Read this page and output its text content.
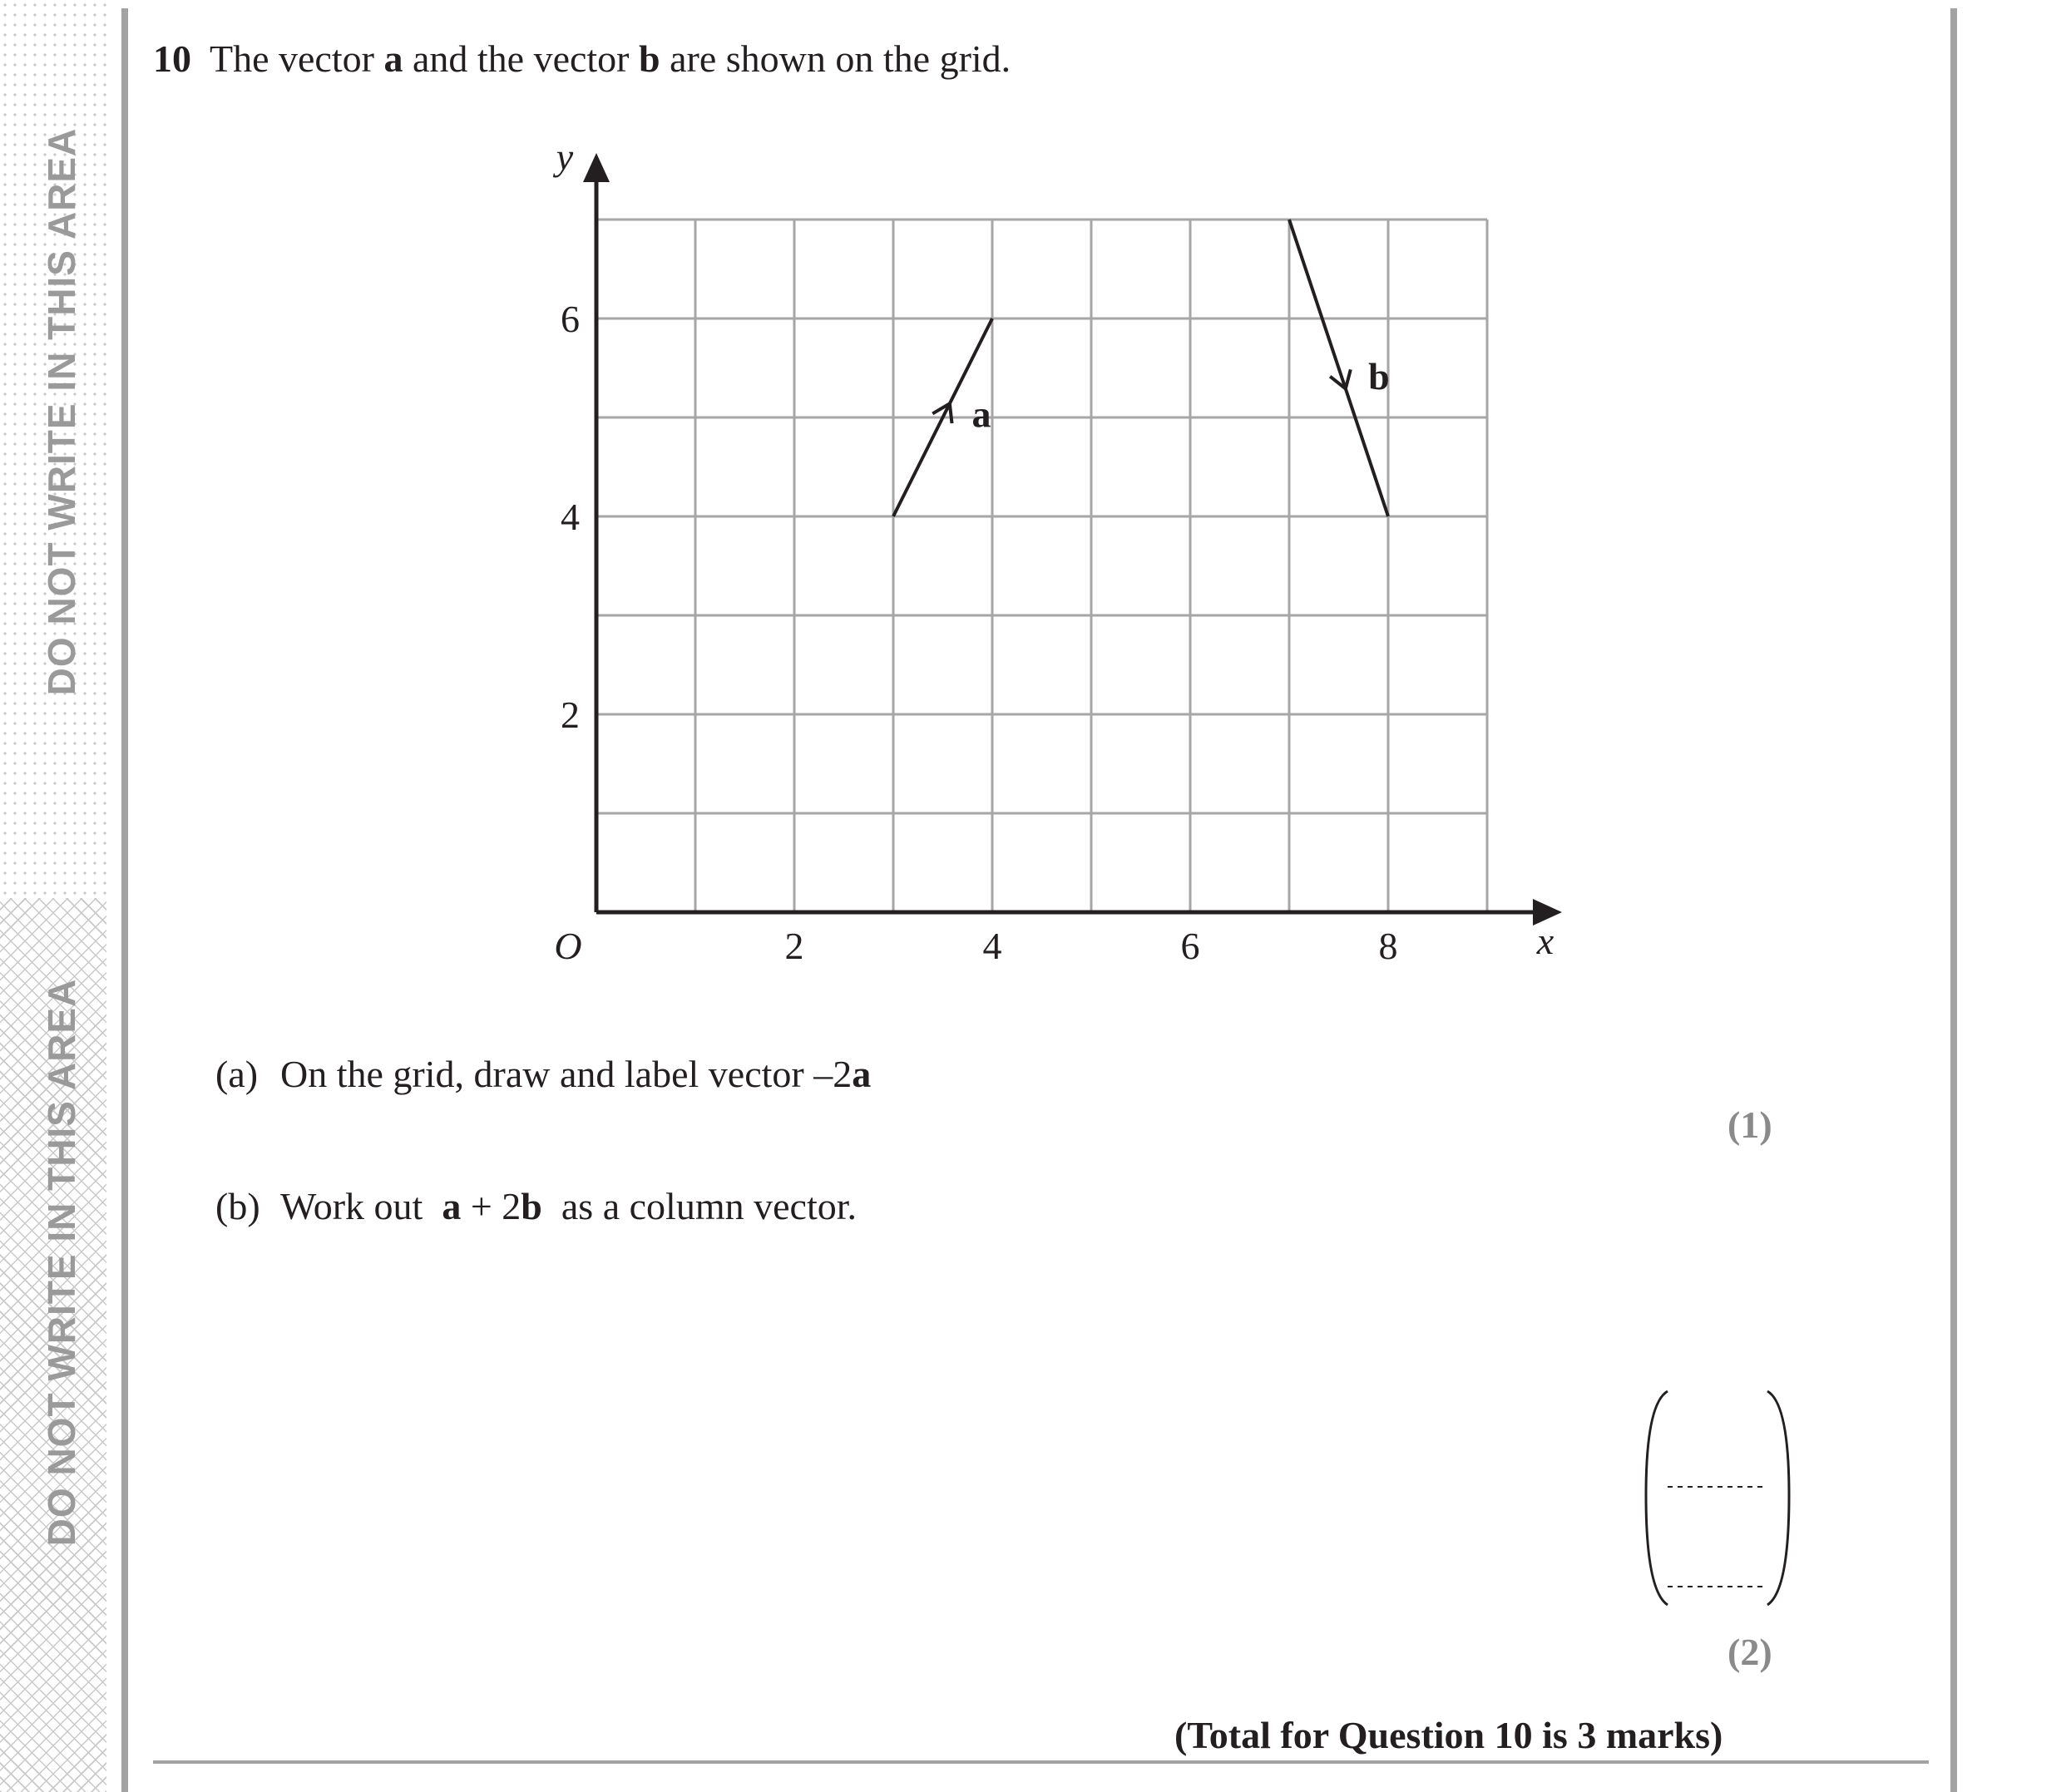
DO NOT WRITE IN THIS AREA
DO NOT WRITE IN THIS AREA
10 The vector a and the vector b are shown on the grid.
2	4	6	8
2
4
6
O	x
y
a
b
(a) On the grid, draw and label vector –2a
(1)
(b) Work out  a + 2b  as a column vector.
(2)
(Total for Question 10 is 3 marks)
